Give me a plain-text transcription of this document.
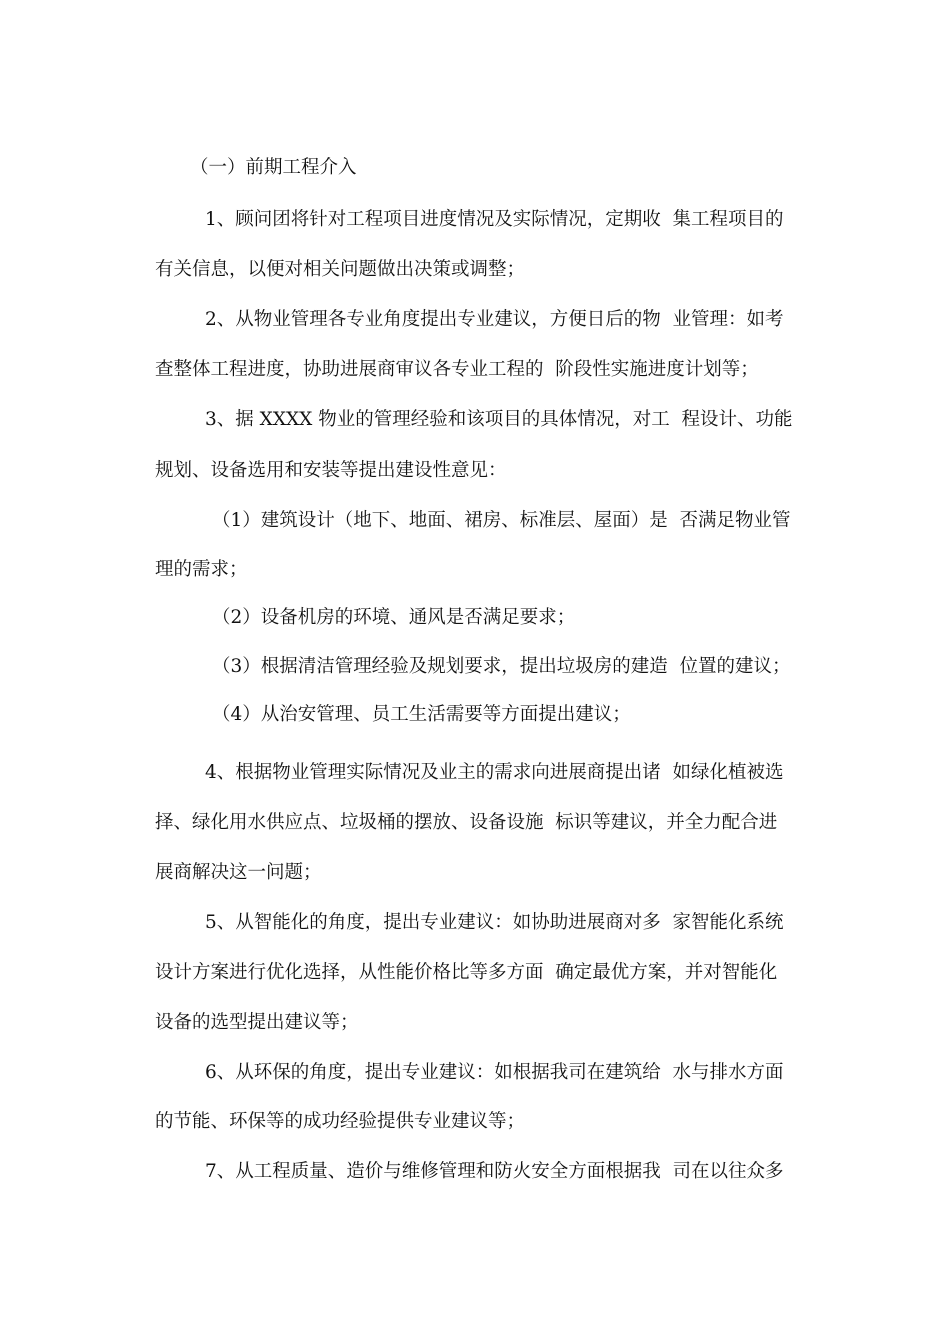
（一）前期工程介入
1、顾问团将针对工程项目进度情况及实际情况，定期收  集工程项目的
有关信息，以便对相关问题做出决策或调整；
2、从物业管理各专业角度提出专业建议，方便日后的物  业管理：如考
查整体工程进度，协助进展商审议各专业工程的  阶段性实施进度计划等；
3、据 XXXX 物业的管理经验和该项目的具体情况，对工  程设计、功能
规划、设备选用和安装等提出建设性意见：
（1）建筑设计（地下、地面、裙房、标准层、屋面）是  否满足物业管
理的需求；
（2）设备机房的环境、通风是否满足要求；
（3）根据清洁管理经验及规划要求，提出垃圾房的建造  位置的建议；
（4）从治安管理、员工生活需要等方面提出建议；
4、根据物业管理实际情况及业主的需求向进展商提出诸  如绿化植被选
择、绿化用水供应点、垃圾桶的摆放、设备设施  标识等建议，并全力配合进
展商解决这一问题；
5、从智能化的角度，提出专业建议：如协助进展商对多  家智能化系统
设计方案进行优化选择，从性能价格比等多方面  确定最优方案，并对智能化
设备的选型提出建议等；
6、从环保的角度，提出专业建议：如根据我司在建筑给  水与排水方面
的节能、环保等的成功经验提供专业建议等；
7、从工程质量、造价与维修管理和防火安全方面根据我  司在以往众多
